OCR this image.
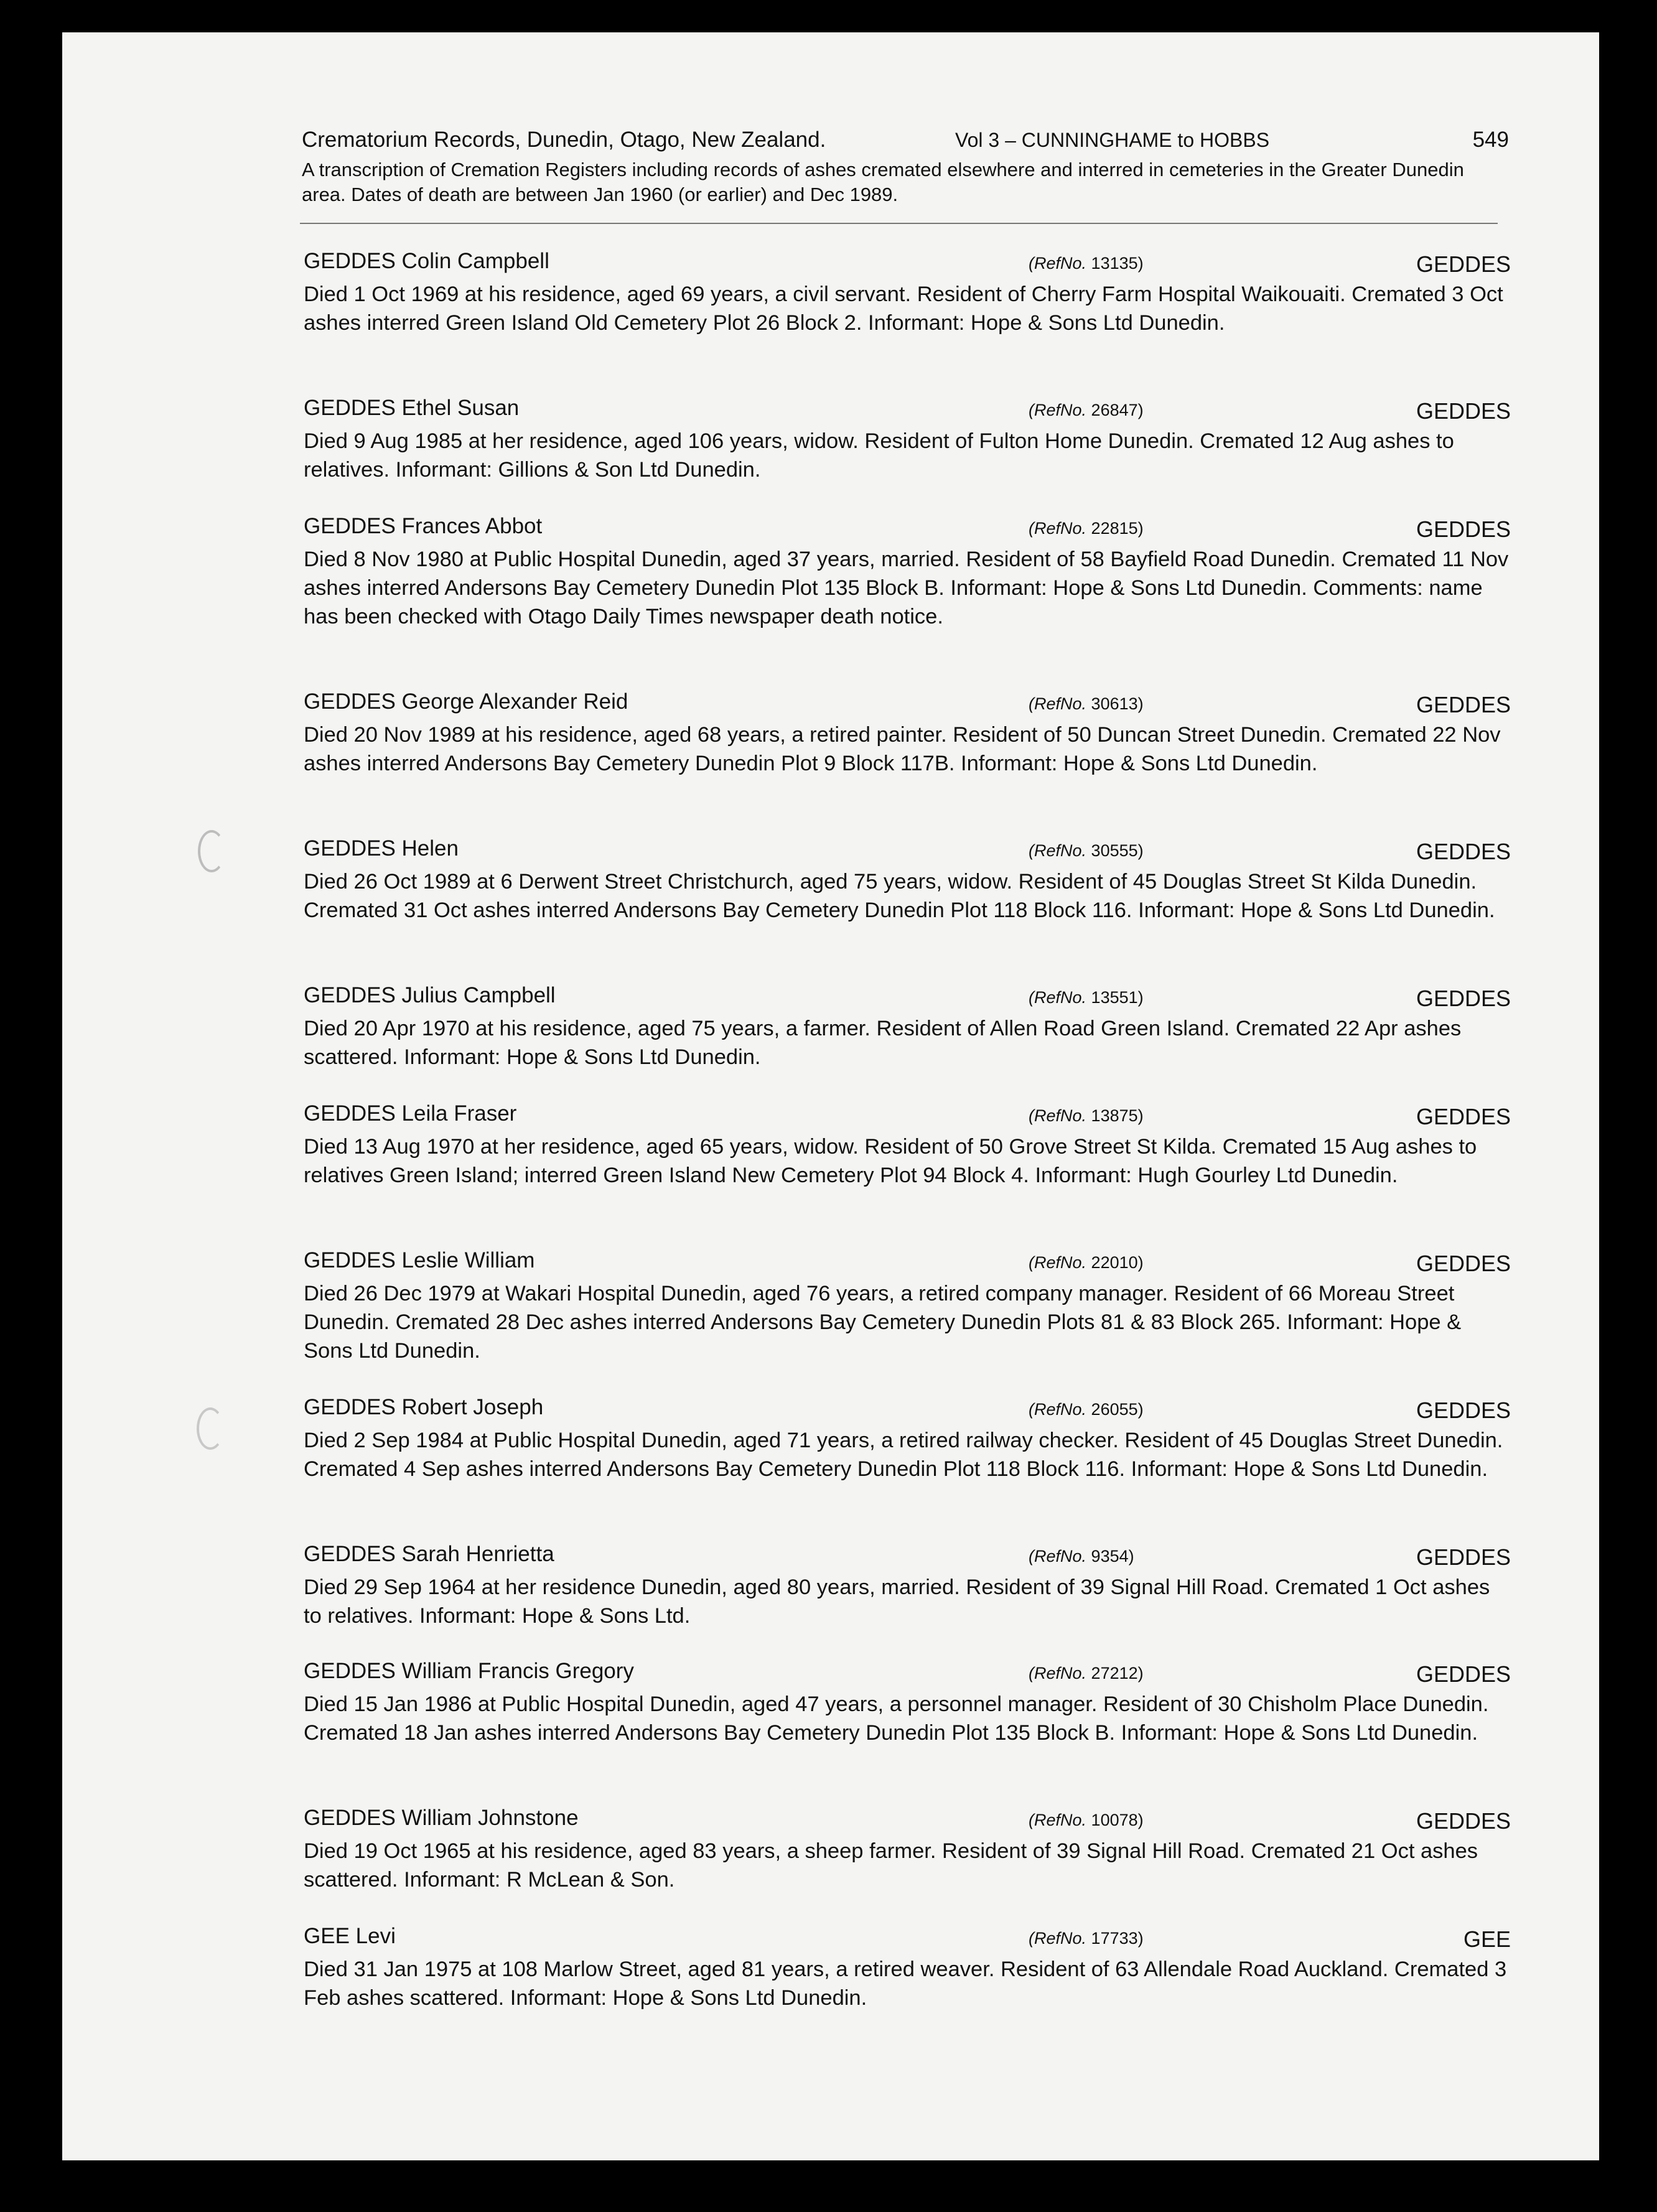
Crematorium Records, Dunedin, Otago, New Zealand.	Vol 3 – CUNNINGHAME to HOBBS	549
A transcription of Cremation Registers including records of ashes cremated elsewhere and interred in cemeteries in the Greater Dunedin area. Dates of death are between Jan 1960 (or earlier) and Dec 1989.
GEDDES Colin Campbell	(RefNo. 13135)	GEDDES
Died 1 Oct 1969 at his residence, aged 69 years, a civil servant. Resident of Cherry Farm Hospital Waikouaiti. Cremated 3 Oct ashes interred Green Island Old Cemetery Plot 26 Block 2. Informant: Hope & Sons Ltd Dunedin.
GEDDES Ethel Susan	(RefNo. 26847)	GEDDES
Died 9 Aug 1985 at her residence, aged 106 years, widow. Resident of Fulton Home Dunedin. Cremated 12 Aug ashes to relatives. Informant: Gillions & Son Ltd Dunedin.
GEDDES Frances Abbot	(RefNo. 22815)	GEDDES
Died 8 Nov 1980 at Public Hospital Dunedin, aged 37 years, married. Resident of 58 Bayfield Road Dunedin. Cremated 11 Nov ashes interred Andersons Bay Cemetery Dunedin Plot 135 Block B. Informant: Hope & Sons Ltd Dunedin. Comments: name has been checked with Otago Daily Times newspaper death notice.
GEDDES George Alexander Reid	(RefNo. 30613)	GEDDES
Died 20 Nov 1989 at his residence, aged 68 years, a retired painter. Resident of 50 Duncan Street Dunedin. Cremated 22 Nov ashes interred Andersons Bay Cemetery Dunedin Plot 9 Block 117B. Informant: Hope & Sons Ltd Dunedin.
GEDDES Helen	(RefNo. 30555)	GEDDES
Died 26 Oct 1989 at 6 Derwent Street Christchurch, aged 75 years, widow. Resident of 45 Douglas Street St Kilda Dunedin. Cremated 31 Oct ashes interred Andersons Bay Cemetery Dunedin Plot 118 Block 116. Informant: Hope & Sons Ltd Dunedin.
GEDDES Julius Campbell	(RefNo. 13551)	GEDDES
Died 20 Apr 1970 at his residence, aged 75 years, a farmer. Resident of Allen Road Green Island. Cremated 22 Apr ashes scattered. Informant: Hope & Sons Ltd Dunedin.
GEDDES Leila Fraser	(RefNo. 13875)	GEDDES
Died 13 Aug 1970 at her residence, aged 65 years, widow. Resident of 50 Grove Street St Kilda. Cremated 15 Aug ashes to relatives Green Island; interred Green Island New Cemetery Plot 94 Block 4. Informant: Hugh Gourley Ltd Dunedin.
GEDDES Leslie William	(RefNo. 22010)	GEDDES
Died 26 Dec 1979 at Wakari Hospital Dunedin, aged 76 years, a retired company manager. Resident of 66 Moreau Street Dunedin. Cremated 28 Dec ashes interred Andersons Bay Cemetery Dunedin Plots 81 & 83 Block 265. Informant: Hope & Sons Ltd Dunedin.
GEDDES Robert Joseph	(RefNo. 26055)	GEDDES
Died 2 Sep 1984 at Public Hospital Dunedin, aged 71 years, a retired railway checker. Resident of 45 Douglas Street Dunedin. Cremated 4 Sep ashes interred Andersons Bay Cemetery Dunedin Plot 118 Block 116. Informant: Hope & Sons Ltd Dunedin.
GEDDES Sarah Henrietta	(RefNo. 9354)	GEDDES
Died 29 Sep 1964 at her residence Dunedin, aged 80 years, married. Resident of 39 Signal Hill Road. Cremated 1 Oct ashes to relatives. Informant: Hope & Sons Ltd.
GEDDES William Francis Gregory	(RefNo. 27212)	GEDDES
Died 15 Jan 1986 at Public Hospital Dunedin, aged 47 years, a personnel manager. Resident of 30 Chisholm Place Dunedin. Cremated 18 Jan ashes interred Andersons Bay Cemetery Dunedin Plot 135 Block B. Informant: Hope & Sons Ltd Dunedin.
GEDDES William Johnstone	(RefNo. 10078)	GEDDES
Died 19 Oct 1965 at his residence, aged 83 years, a sheep farmer. Resident of 39 Signal Hill Road. Cremated 21 Oct ashes scattered. Informant: R McLean & Son.
GEE Levi	(RefNo. 17733)	GEE
Died 31 Jan 1975 at 108 Marlow Street, aged 81 years, a retired weaver. Resident of 63 Allendale Road Auckland. Cremated 3 Feb ashes scattered. Informant: Hope & Sons Ltd Dunedin.
